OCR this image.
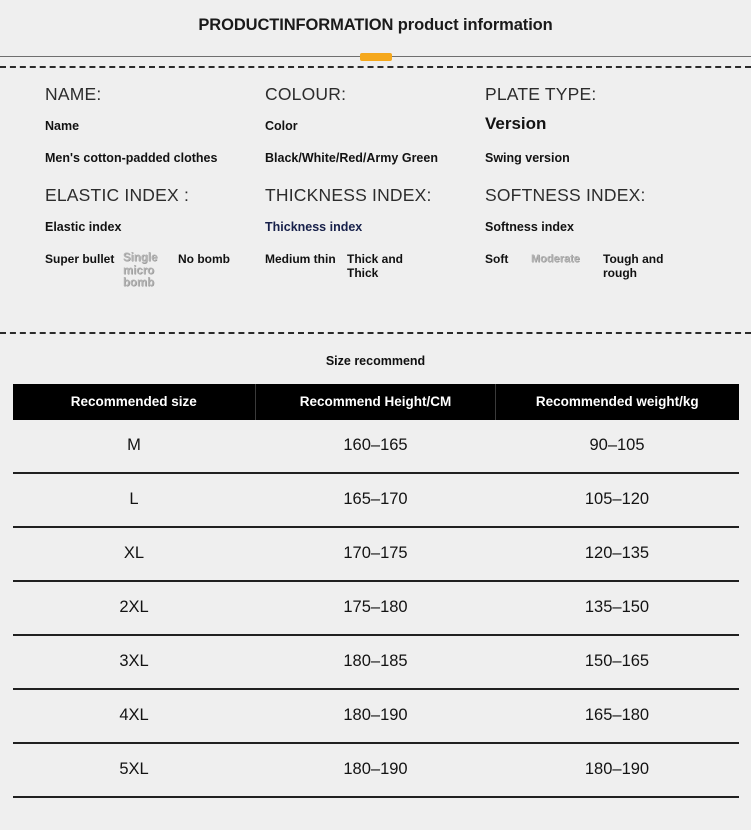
PRODUCTINFORMATION product information
NAME:
Name
Men's cotton-padded clothes
COLOUR:
Color
Black/White/Red/Army Green
PLATE TYPE:
Version
Swing version
ELASTIC INDEX :
Elastic index
Super bullet Single micro bomb
No bomb
THICKNESS INDEX:
Thickness index
Medium thin Thick and Thick
SOFTNESS INDEX:
Softness index
Soft	Moderate	Tough and rough
Size recommend
Recommended size	Recommend Height/CM	Recommended weight/kg
M	160–165	90–105
L	165–170	105–120
XL	170–175	120–135
2XL	175–180	135–150
3XL	180–185	150–165
4XL	180–190	165–180
5XL	180–190	180–190
